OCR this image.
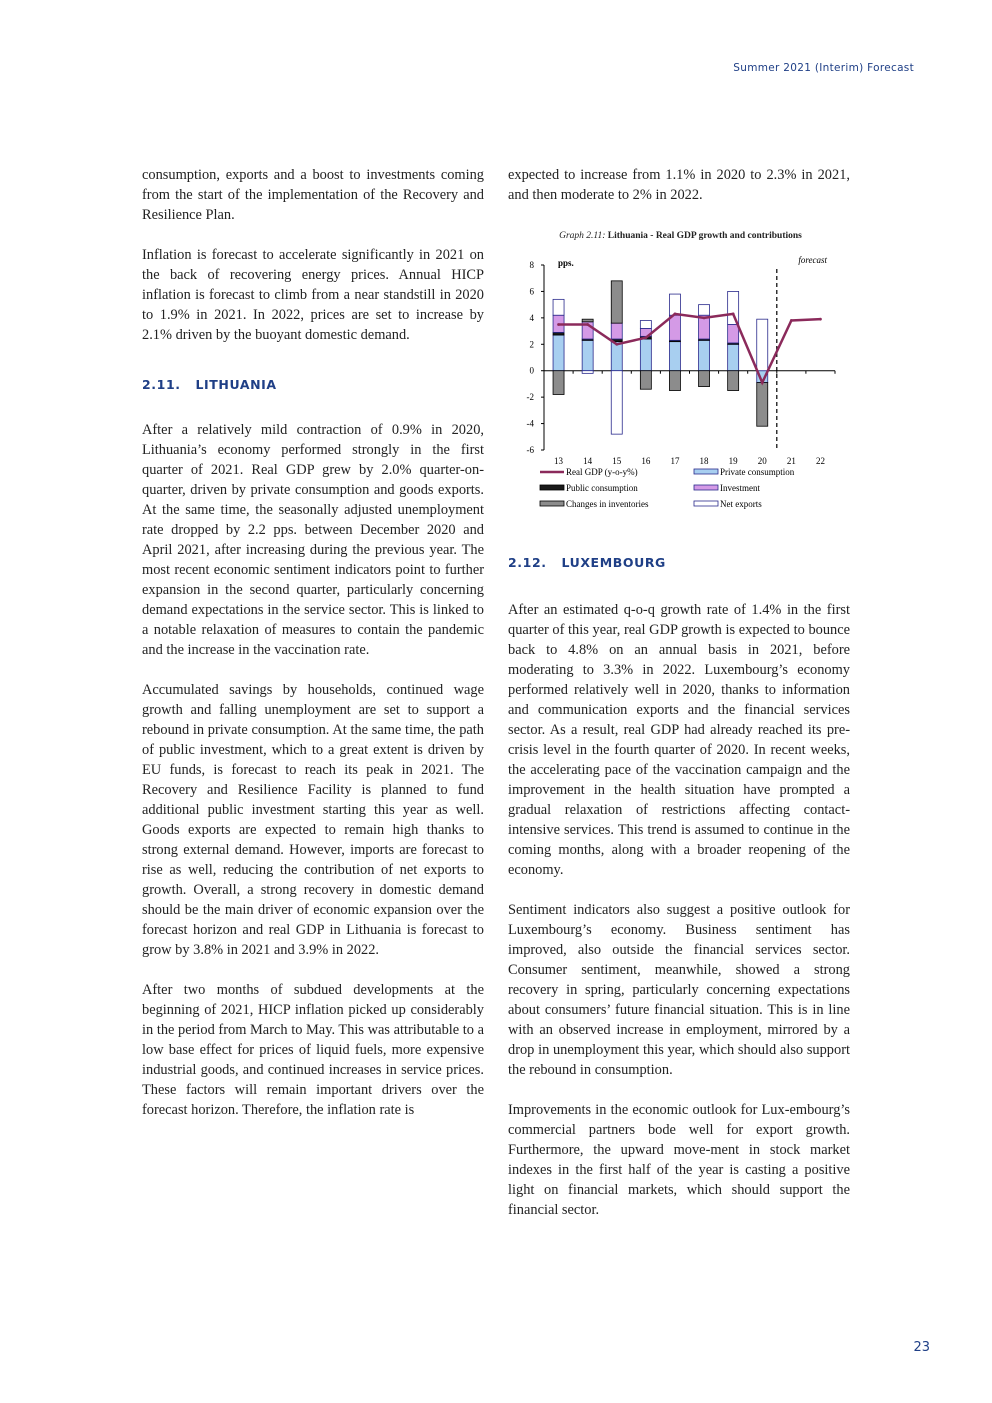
Summer 2021 (Interim) Forecast

consumption, exports and a boost to investments coming from the start of the implementation of the Recovery and Resilience Plan.

Inflation is forecast to accelerate significantly in 2021 on the back of recovering energy prices. Annual HICP inflation is forecast to climb from a near standstill in 2020 to 1.9% in 2021. In 2022, prices are set to increase by 2.1% driven by the buoyant domestic demand.

2.11.   LITHUANIA

After a relatively mild contraction of 0.9% in 2020, Lithuania’s economy performed strongly in the first quarter of 2021. Real GDP grew by 2.0% quarter-on-quarter, driven by private consumption and goods exports. At the same time, the seasonally adjusted unemployment rate dropped by 2.2 pps. between December 2020 and April 2021, after increasing during the previous year. The most recent economic sentiment indicators point to further expansion in the second quarter, particularly concerning demand expectations in the service sector. This is linked to a notable relaxation of measures to contain the pandemic and the increase in the vaccination rate.

Accumulated savings by households, continued wage growth and falling unemployment are set to support a rebound in private consumption. At the same time, the path of public investment, which to a great extent is driven by EU funds, is forecast to reach its peak in 2021. The Recovery and Resilience Facility is planned to fund additional public investment starting this year as well. Goods exports are expected to remain high thanks to strong external demand. However, imports are forecast to rise as well, reducing the contribution of net exports to growth. Overall, a strong recovery in domestic demand should be the main driver of economic expansion over the forecast horizon and real GDP in Lithuania is forecast to grow by 3.8% in 2021 and 3.9% in 2022.

After two months of subdued developments at the beginning of 2021, HICP inflation picked up considerably in the period from March to May. This was attributable to a low base effect for prices of liquid fuels, more expensive industrial goods, and continued increases in service prices. These factors will remain important drivers over the forecast horizon. Therefore, the inflation rate is

expected to increase from 1.1% in 2020 to 2.3% in 2021, and then moderate to 2% in 2022.

Graph 2.11: Lithuania - Real GDP growth and contributions
8
6
4
2
0
-2
-4
-6
13 14 15 16 17 18 19 20 21 22
pps.	forecast
Real GDP (y-o-y%)	Private consumption
Public consumption	Investment
Changes in inventories	Net exports
2.12.   LUXEMBOURG

After an estimated q-o-q growth rate of 1.4% in the first quarter of this year, real GDP growth is expected to bounce back to 4.8% on an annual basis in 2021, before moderating to 3.3% in 2022. Luxembourg’s economy performed relatively well in 2020, thanks to information and communication exports and the financial services sector. As a result, real GDP had already reached its pre-crisis level in the fourth quarter of 2020. In recent weeks, the accelerating pace of the vaccination campaign and the improvement in the health situation have prompted a gradual relaxation of restrictions affecting contact-intensive services. This trend is assumed to continue in the coming months, along with a broader reopening of the economy.

Sentiment indicators also suggest a positive outlook for Luxembourg’s economy. Business sentiment has improved, also outside the financial services sector. Consumer sentiment, meanwhile, showed a strong recovery in spring, particularly concerning expectations about consumers’ future financial situation. This is in line with an observed increase in employment, mirrored by a drop in unemployment this year, which should also support the rebound in consumption.

Improvements in the economic outlook for Lux-embourg’s commercial partners bode well for export growth. Furthermore, the upward move-ment in stock market indexes in the first half of the year is casting a positive light on financial markets, which should support the financial sector.

23
